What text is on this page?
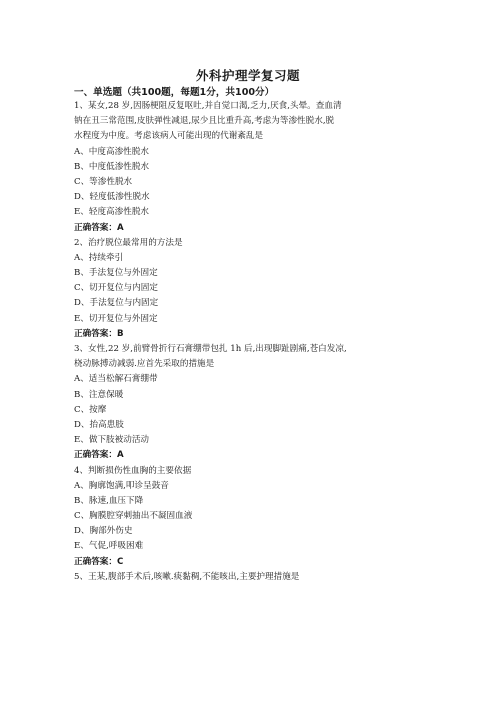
外科护理学复习题
一、单选题（共100题，每题1分，共100分）
1、某女,28 岁,因肠梗阻反复呕吐,并自觉口渴,乏力,厌食,头晕。查血清
钠在丑三常范围,皮肤弹性减退,尿少且比重升高,考虑为等渗性脱水,脱
水程度为中度。考虑该病人可能出现的代谢紊乱是
A、中度高渗性脱水
B、中度低渗性脱水
C、等渗性脱水
D、轻度低渗性脱水
E、轻度高渗性脱水
正确答案：A
2、治疗脱位最常用的方法是
A、持续牵引
B、手法复位与外固定
C、切开复位与内固定
D、手法复位与内固定
E、切开复位与外固定
正确答案：B
3、女性,22 岁,前臂骨折行石膏绷带包扎 1h 后,出现脚趾剧痛,苍白发凉,
桡动脉搏动减弱.应首先采取的措施是
A、适当松解石膏绷带
B、注意保暖
C、按摩
D、抬高患肢
E、做下肢被动活动
正确答案：A
4、判断损伤性血胸的主要依据
A、胸廓饱满,叩诊呈鼓音
B、脉速,血压下降
C、胸膜腔穿刺抽出不凝固血液
D、胸部外伤史
E、气促,呼吸困难
正确答案：C
5、王某,腹部手术后,咳嗽.痰黏稠,不能咳出,主要护理措施是
